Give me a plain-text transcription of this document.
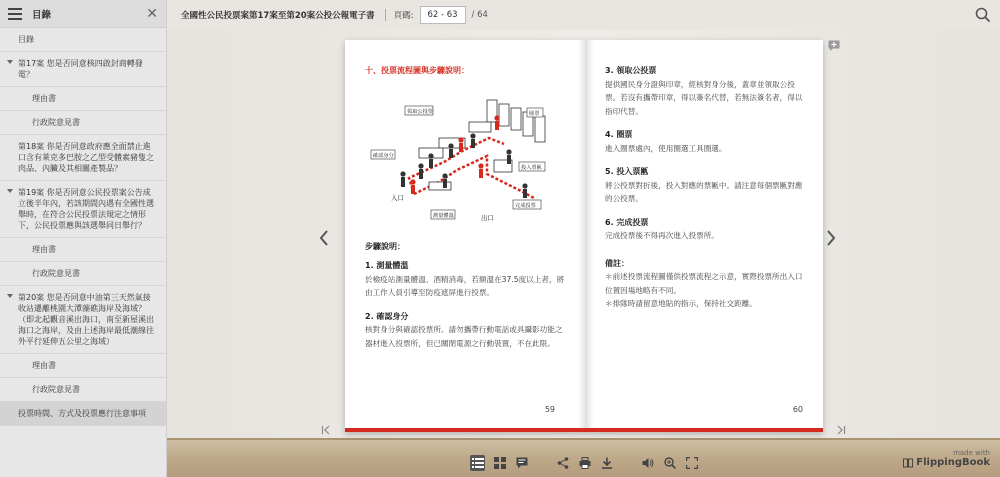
目錄	✕
目錄
第17案 您是否同意核四啟封商轉發電？
理由書
行政院意見書
第18案 你是否同意政府應全面禁止進口含有萊克多巴胺之乙型受體素豬隻之肉品、內臟及其相關產製品？
第19案 你是否同意公民投票案公告成立後半年內，若該期間內遇有全國性選舉時，在符合公民投票法規定之情形下，公民投票應與該選舉同日舉行？
理由書
行政院意見書
第20案 您是否同意中油第三天然氣接收站遷離桃園大潭藻礁海岸及海域？（即北起觀音溪出海口，南至新屋溪出海口之海岸，及由上述海岸最低潮線往外平行延伸五公里之海域）
理由書
行政院意見書
投票時間、方式及投票應行注意事項
全國性公民投票案第17案至第20案公投公報電子書 頁碼:
62 - 63	/ 64
十、投票流程圖與步驟說明：
領取公投票
確認身分
測量體溫
入口
出口
投入票匭
圈票
完成投票
步驟說明：
1. 測量體溫
於檢疫站測量體溫、酒精消毒，若額溫在37.5度以上者，將由工作人員引導至防疫遮屏進行投票。
2. 確認身分
核對身分與確認投票所。請勿攜帶行動電話或具攝影功能之器材進入投票所，但已關閉電源之行動裝置，不在此限。
59
3. 領取公投票
提供國民身分證與印章，經核對身分後，蓋章並領取公投票。若沒有攜帶印章，得以簽名代替，若無法簽名者，得以指印代替。
4. 圈票
進入圈票處內，使用圈選工具圈選。
5. 投入票匭
將公投票對折後，投入對應的票匭中。請注意每個票匭對應的公投票。
6. 完成投票
完成投票後不得再次進入投票所。
備註：
＊前述投票流程圖僅供投票流程之示意，實際投票所出入口位置因場地略有不同。
＊排隊時請留意地貼的指示，保持社交距離。
60
made with
FlippingBook
